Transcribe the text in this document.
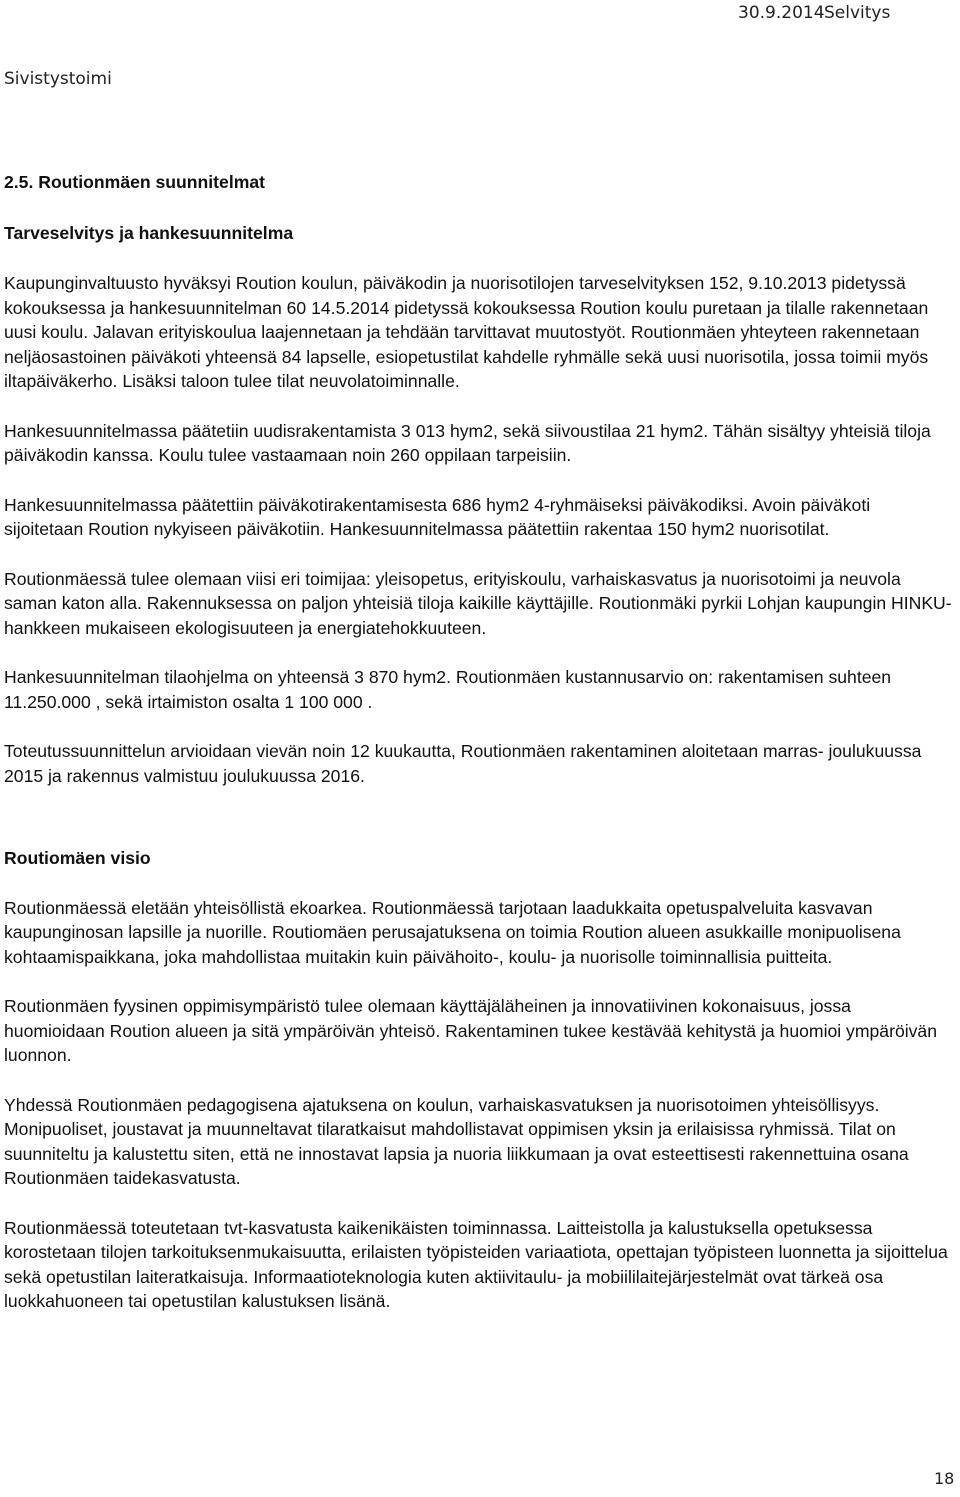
30.9.2014 Selvitys
Sivistystoimi
2.5. Routionmäen suunnitelmat
Tarveselvitys ja hankesuunnitelma

Kaupunginvaltuusto hyväksyi Roution koulun, päiväkodin ja nuorisotilojen tarveselvityksen 152, 9.10.2013 pidetyssä kokouksessa ja hankesuunnitelman 60 14.5.2014 pidetyssä kokouksessa Roution koulu puretaan ja tilalle rakennetaan uusi koulu. Jalavan erityiskoulua laajennetaan ja tehdään tarvittavat muutostyöt. Routionmäen yhteyteen rakennetaan neljäosastoinen päiväkoti yhteensä 84 lapselle, esiopetustilat kahdelle ryhmälle sekä uusi nuorisotila, jossa toimii myös iltapäiväkerho. Lisäksi taloon tulee tilat neuvolatoiminnalle.

Hankesuunnitelmassa päätetiin uudisrakentamista 3 013 hym2, sekä siivoustilaa 21 hym2. Tähän sisältyy yhteisiä tiloja päiväkodin kanssa. Koulu tulee vastaamaan noin 260 oppilaan tarpeisiin.

Hankesuunnitelmassa päätettiin päiväkotirakentamisesta 686 hym2 4-ryhmäiseksi päiväkodiksi. Avoin päiväkoti sijoitetaan Roution nykyiseen päiväkotiin. Hankesuunnitelmassa päätettiin rakentaa 150 hym2 nuorisotilat.

Routionmäessä tulee olemaan viisi eri toimijaa: yleisopetus, erityiskoulu, varhaiskasvatus ja nuorisotoimi ja neuvola saman katon alla. Rakennuksessa on paljon yhteisiä tiloja kaikille käyttäjille. Routionmäki pyrkii Lohjan kaupungin HINKU-hankkeen mukaiseen ekologisuuteen ja energiatehokkuuteen.

Hankesuunnitelman tilaohjelma on yhteensä 3 870 hym2. Routionmäen kustannusarvio on: rakentamisen suhteen 11.250.000 , sekä irtaimiston osalta 1 100 000 .

Toteutussuunnittelun arvioidaan vievän noin 12 kuukautta, Routionmäen rakentaminen aloitetaan marras- joulukuussa 2015 ja rakennus valmistuu joulukuussa 2016.

Routiomäen visio

Routionmäessä eletään yhteisöllistä ekoarkea. Routionmäessä tarjotaan laadukkaita opetuspalveluita kasvavan kaupunginosan lapsille ja nuorille. Routiomäen perusajatuksena on toimia Roution alueen asukkaille monipuolisena kohtaamispaikkana, joka mahdollistaa muitakin kuin päivähoito-, koulu- ja nuorisolle toiminnallisia puitteita.

Routionmäen fyysinen oppimisympäristö tulee olemaan käyttäjäläheinen ja innovatiivinen kokonaisuus, jossa huomioidaan Roution alueen ja sitä ympäröivän yhteisö. Rakentaminen tukee kestävää kehitystä ja huomioi ympäröivän luonnon.

Yhdessä Routionmäen pedagogisena ajatuksena on koulun, varhaiskasvatuksen ja nuorisotoimen yhteisöllisyys. Monipuoliset, joustavat ja muunneltavat tilaratkaisut mahdollistavat oppimisen yksin ja erilaisissa ryhmissä. Tilat on suunniteltu ja kalustettu siten, että ne innostavat lapsia ja nuoria liikkumaan ja ovat esteettisesti rakennettuina osana Routionmäen taidekasvatusta.

Routionmäessä toteutetaan tvt-kasvatusta kaikenikäisten toiminnassa. Laitteistolla ja kalustuksella opetuksessa korostetaan tilojen tarkoituksenmukaisuutta, erilaisten työpisteiden variaatiota, opettajan työpisteen luonnetta ja sijoittelua sekä opetustilan laiteratkaisuja. Informaatioteknologia kuten aktiivitaulu- ja mobiililaitejärjestelmät ovat tärkeä osa luokkahuoneen tai opetustilan kalustuksen lisänä.

18
